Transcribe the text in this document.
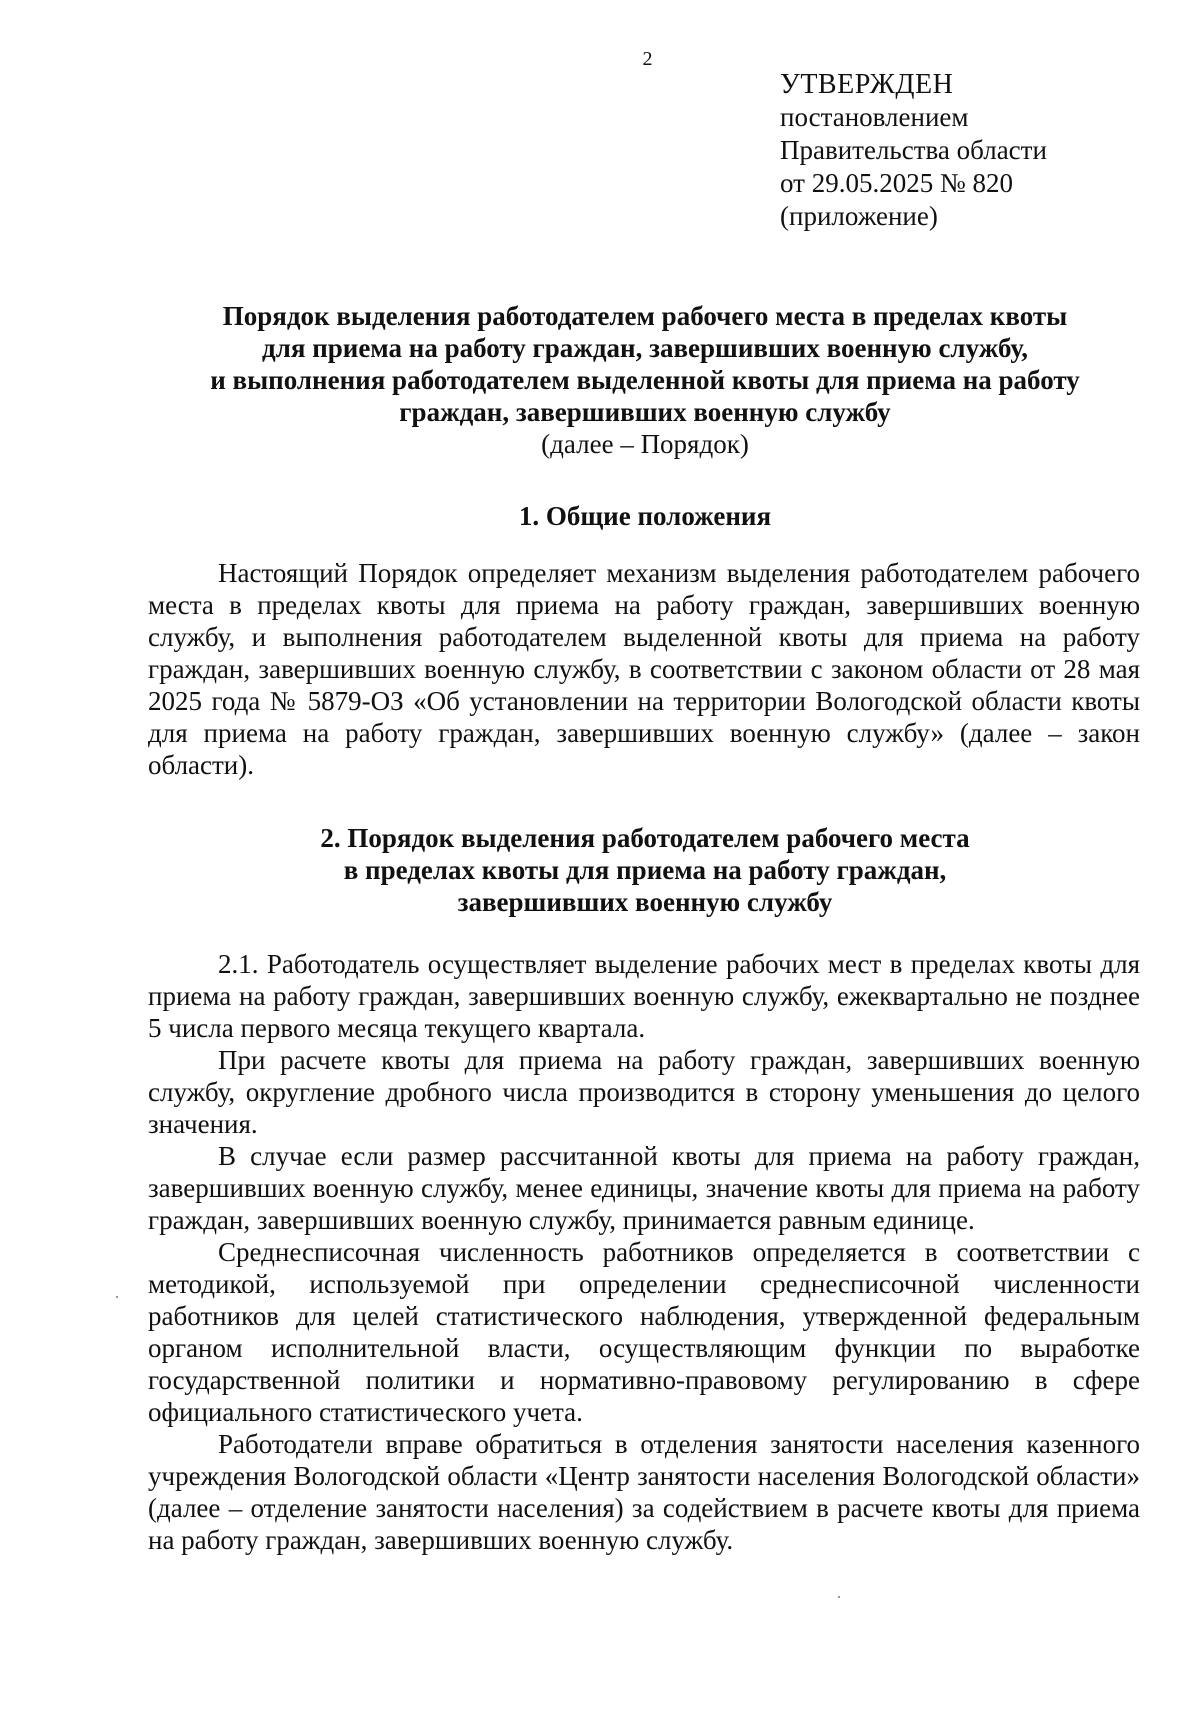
2
УТВЕРЖДЕН
постановлением
Правительства области
от 29.05.2025 № 820
(приложение)
Порядок выделения работодателем рабочего места в пределах квоты
для приема на работу граждан, завершивших военную службу,
и выполнения работодателем выделенной квоты для приема на работу
граждан, завершивших военную службу
(далее – Порядок)
1. Общие положения
Настоящий Порядок определяет механизм выделения работодателем рабочего места в пределах квоты для приема на работу граждан, завершивших военную службу, и выполнения работодателем выделенной квоты для приема на работу граждан, завершивших военную службу, в соответствии с законом области от 28 мая 2025 года № 5879-ОЗ «Об установлении на территории Вологодской области квоты для приема на работу граждан, завершивших военную службу» (далее – закон области).
2. Порядок выделения работодателем рабочего места
в пределах квоты для приема на работу граждан,
завершивших военную службу
2.1. Работодатель осуществляет выделение рабочих мест в пределах квоты для приема на работу граждан, завершивших военную службу, ежеквартально не позднее 5 числа первого месяца текущего квартала.
При расчете квоты для приема на работу граждан, завершивших военную службу, округление дробного числа производится в сторону уменьшения до целого значения.
В случае если размер рассчитанной квоты для приема на работу граждан, завершивших военную службу, менее единицы, значение квоты для приема на работу граждан, завершивших военную службу, принимается равным единице.
Среднесписочная численность работников определяется в соответствии с методикой, используемой при определении среднесписочной численности работников для целей статистического наблюдения, утвержденной федеральным органом исполнительной власти, осуществляющим функции по выработке государственной политики и нормативно-правовому регулированию в сфере официального статистического учета.
Работодатели вправе обратиться в отделения занятости населения казенного учреждения Вологодской области «Центр занятости населения Вологодской области» (далее – отделение занятости населения) за содействием в расчете квоты для приема на работу граждан, завершивших военную службу.
